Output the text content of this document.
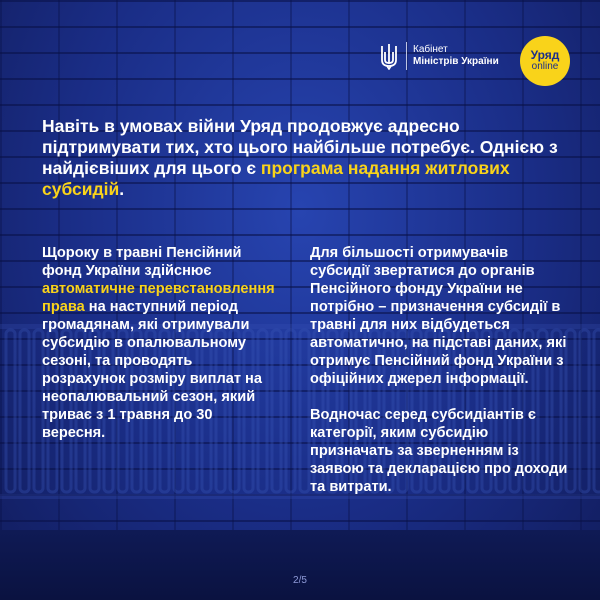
Кабінет
Міністрів України	Уряд
online
Навіть в умовах війни Уряд продовжує адресно підтримувати тих, хто цього найбільше потребує. Однією з найдієвіших для цього є програма надання житлових субсидій.

Щороку в травні Пенсійний фонд України здійснює автоматичне перевстановлення права на наступний період громадянам, які отримували субсидію в опалювальному сезоні, та проводять розрахунок розміру виплат на неопалювальний сезон, який триває з 1 травня до 30 вересня.

Для більшості отримувачів субсидії звертатися до органів Пенсійного фонду України не потрібно – призначення субсидії в травні для них відбудеться автоматично, на підставі даних, які отримує Пенсійний фонд України з офіційних джерел інформації.

Водночас серед субсидіантів є категорії, яким субсидію призначать за зверненням із заявою та декларацією про доходи та витрати.

2/5
